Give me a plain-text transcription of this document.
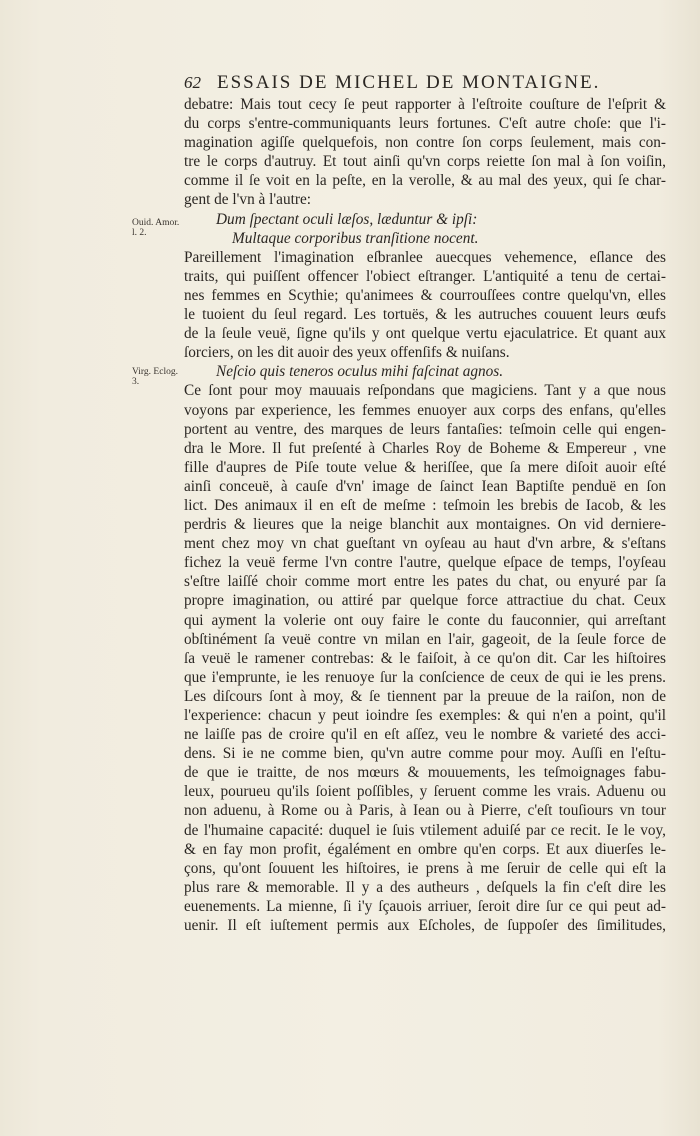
62 ESSAIS DE MICHEL DE MONTAIGNE.
Ouid. Amor. l. 2.
Virg. Eclog. 3.
debatre: Mais tout cecy ſe peut rapporter à l'eſtroite couſture de l'eſprit &
du corps s'entre-communiquants leurs fortunes. C'eſt autre choſe: que l'i-
magination agiſſe quelquefois, non contre ſon corps ſeulement, mais con-
tre le corps d'autruy. Et tout ainſi qu'vn corps reiette ſon mal à ſon voiſin,
comme il ſe voit en la peſte, en la verolle, & au mal des yeux, qui ſe char-
gent de l'vn à l'autre:
Dum ſpectant oculi læſos, læduntur & ipſi:
Multaque corporibus tranſitione nocent.
Pareillement l'imagination eſbranlee auecques vehemence, eſlance des
traits, qui puiſſent offencer l'obiect eſtranger. L'antiquité a tenu de certai-
nes femmes en Scythie; qu'animees & courrouſſees contre quelqu'vn, elles
le tuoient du ſeul regard. Les tortuës, & les autruches couuent leurs œufs
de la ſeule veuë, ſigne qu'ils y ont quelque vertu ejaculatrice. Et quant aux
ſorciers, on les dit auoir des yeux offenſifs & nuiſans.
Neſcio quis teneros oculus mihi faſcinat agnos.
Ce ſont pour moy mauuais reſpondans que magiciens. Tant y a que nous
voyons par experience, les femmes enuoyer aux corps des enfans, qu'elles
portent au ventre, des marques de leurs fantaſies: teſmoin celle qui engen-
dra le More. Il fut preſenté à Charles Roy de Boheme & Empereur , vne
fille d'aupres de Piſe toute velue & heriſſee, que ſa mere diſoit auoir eſté
ainſi conceuë, à cauſe d'vn' image de ſainct Iean Baptiſte penduë en ſon
lict. Des animaux il en eſt de meſme : teſmoin les brebis de Iacob, & les
perdris & lieures que la neige blanchit aux montaignes. On vid derniere-
ment chez moy vn chat gueſtant vn oyſeau au haut d'vn arbre, & s'eſtans
fichez la veuë ferme l'vn contre l'autre, quelque eſpace de temps, l'oyſeau
s'eſtre laiſſé choir comme mort entre les pates du chat, ou enyuré par ſa
propre imagination, ou attiré par quelque force attractiue du chat. Ceux
qui ayment la volerie ont ouy faire le conte du fauconnier, qui arreſtant
obſtinément ſa veuë contre vn milan en l'air, gageoit, de la ſeule force de
ſa veuë le ramener contrebas: & le faiſoit, à ce qu'on dit. Car les hiſtoires
que i'emprunte, ie les renuoye ſur la conſcience de ceux de qui ie les prens.
Les diſcours ſont à moy, & ſe tiennent par la preuue de la raiſon, non de
l'experience: chacun y peut ioindre ſes exemples: & qui n'en a point, qu'il
ne laiſſe pas de croire qu'il en eſt aſſez, veu le nombre & varieté des acci-
dens. Si ie ne comme bien, qu'vn autre comme pour moy. Auſſi en l'eſtu-
de que ie traitte, de nos mœurs & mouuements, les teſmoignages fabu-
leux, pourueu qu'ils ſoient poſſibles, y ſeruent comme les vrais. Aduenu ou
non aduenu, à Rome ou à Paris, à Iean ou à Pierre, c'eſt touſiours vn tour
de l'humaine capacité: duquel ie ſuis vtilement aduiſé par ce recit. Ie le voy,
& en fay mon profit, égalément en ombre qu'en corps. Et aux diuerſes le-
çons, qu'ont ſouuent les hiſtoires, ie prens à me ſeruir de celle qui eſt la
plus rare & memorable. Il y a des autheurs , deſquels la fin c'eſt dire les
euenements. La mienne, ſi i'y ſçauois arriuer, ſeroit dire ſur ce qui peut ad-
uenir. Il eſt iuſtement permis aux Eſcholes, de ſuppoſer des ſimilitudes,
